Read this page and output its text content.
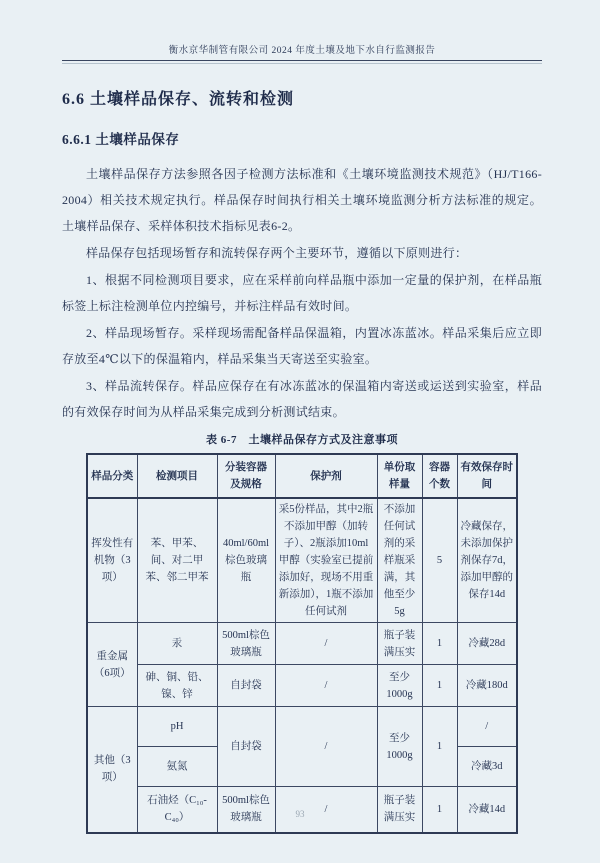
衡水京华制管有限公司 2024 年度土壤及地下水自行监测报告
6.6 土壤样品保存、流转和检测
6.6.1 土壤样品保存

土壤样品保存方法参照各因子检测方法标准和《土壤环境监测技术规范》（HJ/T166-2004）相关技术规定执行。样品保存时间执行相关土壤环境监测分析方法标准的规定。土壤样品保存、采样体积技术指标见表6-2。

样品保存包括现场暂存和流转保存两个主要环节，遵循以下原则进行：

1、根据不同检测项目要求，应在采样前向样品瓶中添加一定量的保护剂，在样品瓶标签上标注检测单位内控编号，并标注样品有效时间。

2、样品现场暂存。采样现场需配备样品保温箱，内置冰冻蓝冰。样品采集后应立即存放至4℃以下的保温箱内，样品采集当天寄送至实验室。

3、样品流转保存。样品应保存在有冰冻蓝冰的保温箱内寄送或运送到实验室，样品的有效保存时间为从样品采集完成到分析测试结束。

表 6-7　土壤样品保存方式及注意事项
样品分类	检测项目	分装容器及规格	保护剂	单份取样量	容器个数	有效保存时间
挥发性有机物（3项）	苯、甲苯、间、对二甲苯、邻二甲苯	40ml/60ml棕色玻璃瓶	采5份样品，其中2瓶不添加甲醇（加转子）、2瓶添加10ml甲醇（实验室已提前添加好，现场不用重新添加），1瓶不添加任何试剂	不添加任何试剂的采样瓶采满，其他至少5g	5	冷藏保存，未添加保护剂保存7d，添加甲醇的保存14d
重金属（6项）	汞	500ml棕色玻璃瓶	/	瓶子装满压实	1	冷藏28d
	砷、铜、铅、镍、锌	自封袋	/	至少1000g	1	冷藏180d
其他（3项）	pH	自封袋	/	至少1000g	1	/
	氨氮					冷藏3d
	石油烃（C₁₀-C₄₀）	500ml棕色玻璃瓶	/	瓶子装满压实	1	冷藏14d
93
